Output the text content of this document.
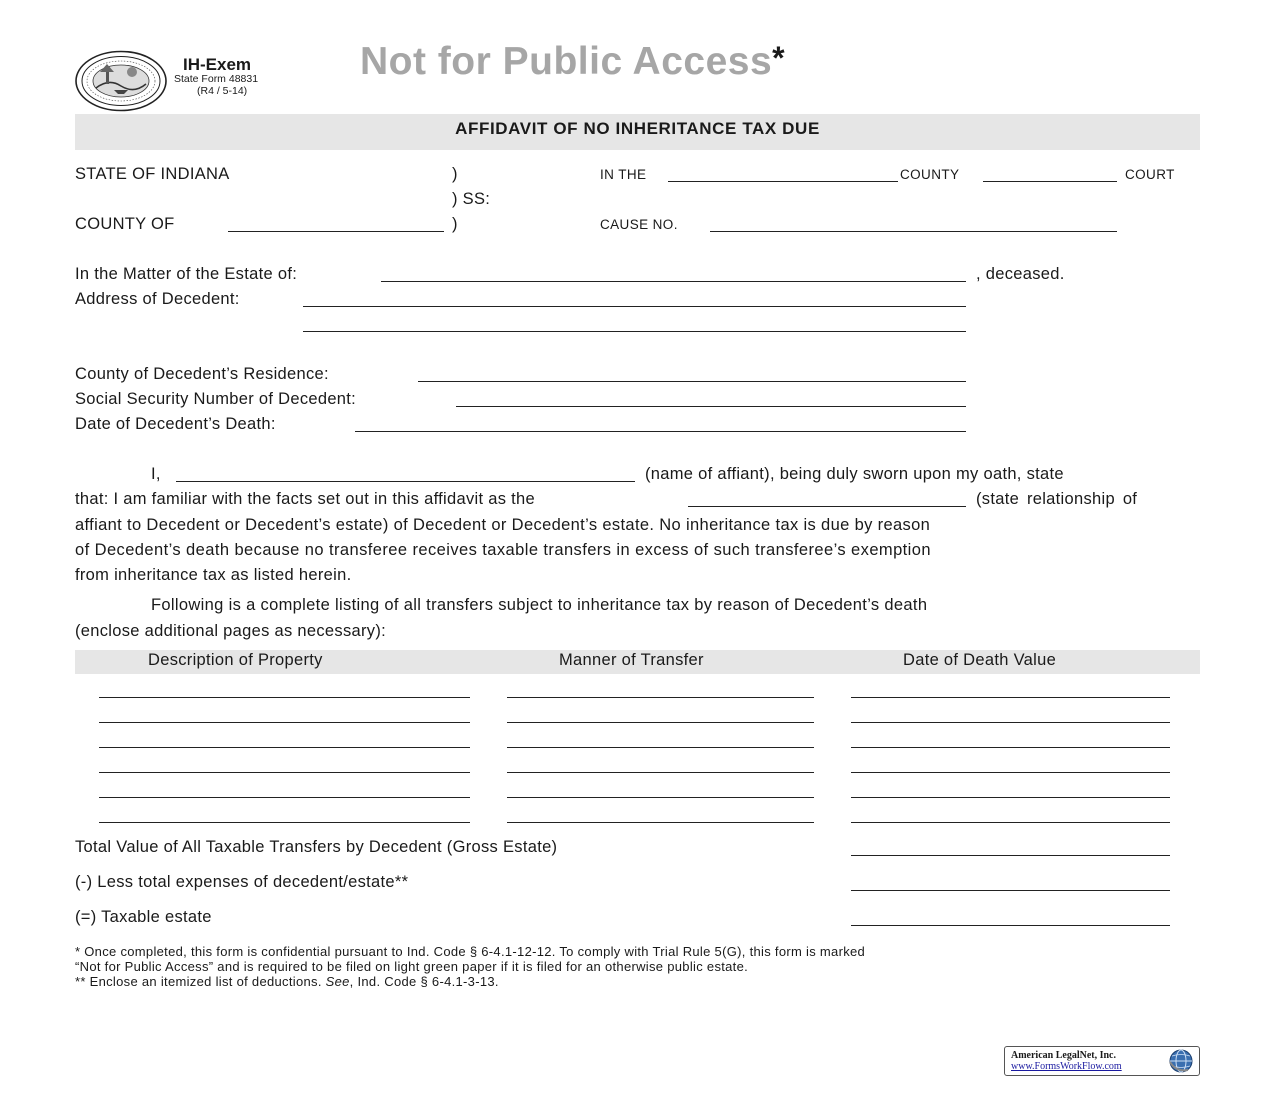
IH-Exem
State Form 48831
(R4 / 5-14)
Not for Public Access*
AFFIDAVIT OF NO INHERITANCE TAX DUE
STATE OF INDIANA	)
) SS:
COUNTY OF	)
IN THE	COUNTY	COURT
CAUSE NO.
In the Matter of the Estate of:	, deceased.
Address of Decedent:
County of Decedent’s Residence:
Social Security Number of Decedent:
Date of Decedent’s Death:
I,	(name of affiant), being duly sworn upon my oath, state
that: I am familiar with the facts set out in this affidavit as the	(state relationship of
affiant to Decedent or Decedent’s estate) of Decedent or Decedent’s estate. No inheritance tax is due by reason
of Decedent’s death because no transferee receives taxable transfers in excess of such transferee’s exemption
from inheritance tax as listed herein.
Following is a complete listing of all transfers subject to inheritance tax by reason of Decedent’s death
(enclose additional pages as necessary):
Description of Property	Manner of Transfer	Date of Death Value
Total Value of All Taxable Transfers by Decedent (Gross Estate)
(-) Less total expenses of decedent/estate**
(=) Taxable estate
* Once completed, this form is confidential pursuant to Ind. Code § 6-4.1-12-12. To comply with Trial Rule 5(G), this form is marked
“Not for Public Access” and is required to be filed on light green paper if it is filed for an otherwise public estate.
** Enclose an itemized list of deductions. See, Ind. Code § 6-4.1-3-13.
American LegalNet, Inc.
www.FormsWorkFlow.com
